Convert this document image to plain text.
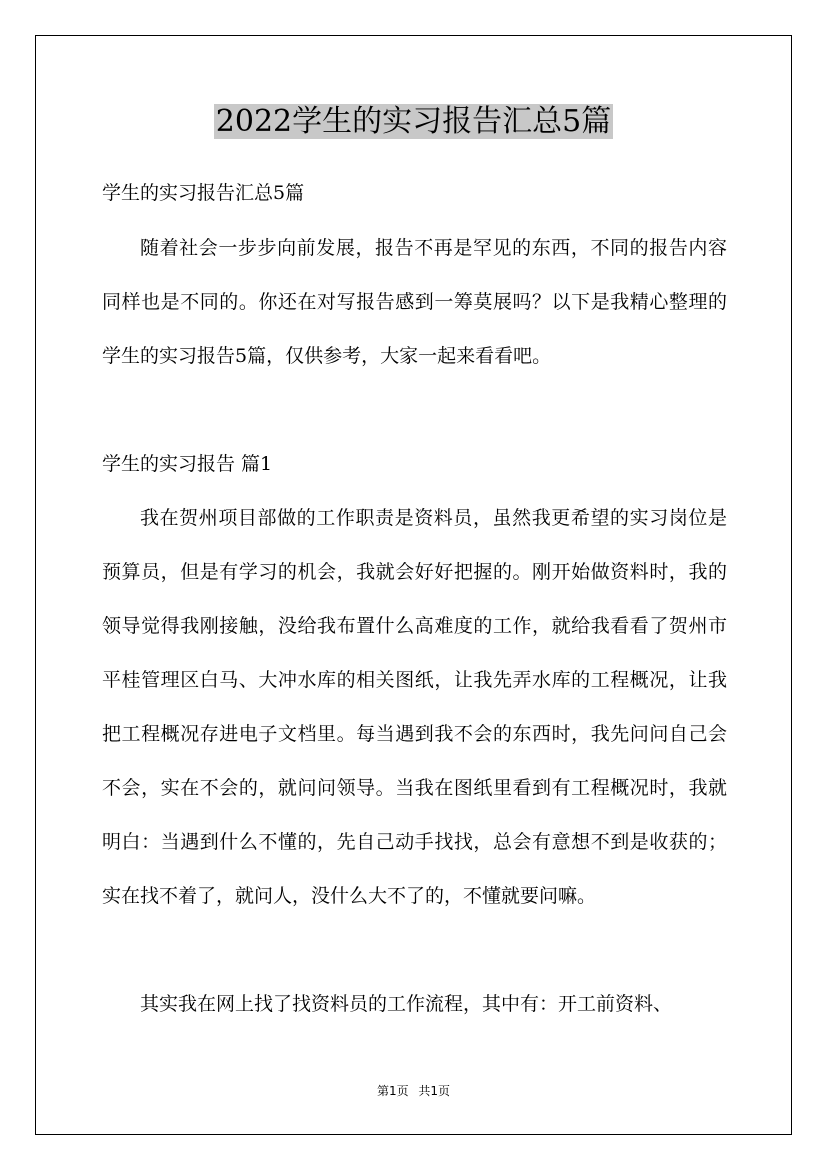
2022学生的实习报告汇总5篇

学生的实习报告汇总5篇

随着社会一步步向前发展，报告不再是罕见的东西，不同的报告内容同样也是不同的。你还在对写报告感到一筹莫展吗？以下是我精心整理的学生的实习报告5篇，仅供参考，大家一起来看看吧。

学生的实习报告 篇1

我在贺州项目部做的工作职责是资料员，虽然我更希望的实习岗位是预算员，但是有学习的机会，我就会好好把握的。刚开始做资料时，我的领导觉得我刚接触，没给我布置什么高难度的工作，就给我看看了贺州市平桂管理区白马、大冲水库的相关图纸，让我先弄水库的工程概况，让我把工程概况存进电子文档里。每当遇到我不会的东西时，我先问问自己会不会，实在不会的，就问问领导。当我在图纸里看到有工程概况时，我就明白：当遇到什么不懂的，先自己动手找找，总会有意想不到是收获的；实在找不着了，就问人，没什么大不了的，不懂就要问嘛。

其实我在网上找了找资料员的工作流程，其中有：开工前资料、

第1页 共1页
